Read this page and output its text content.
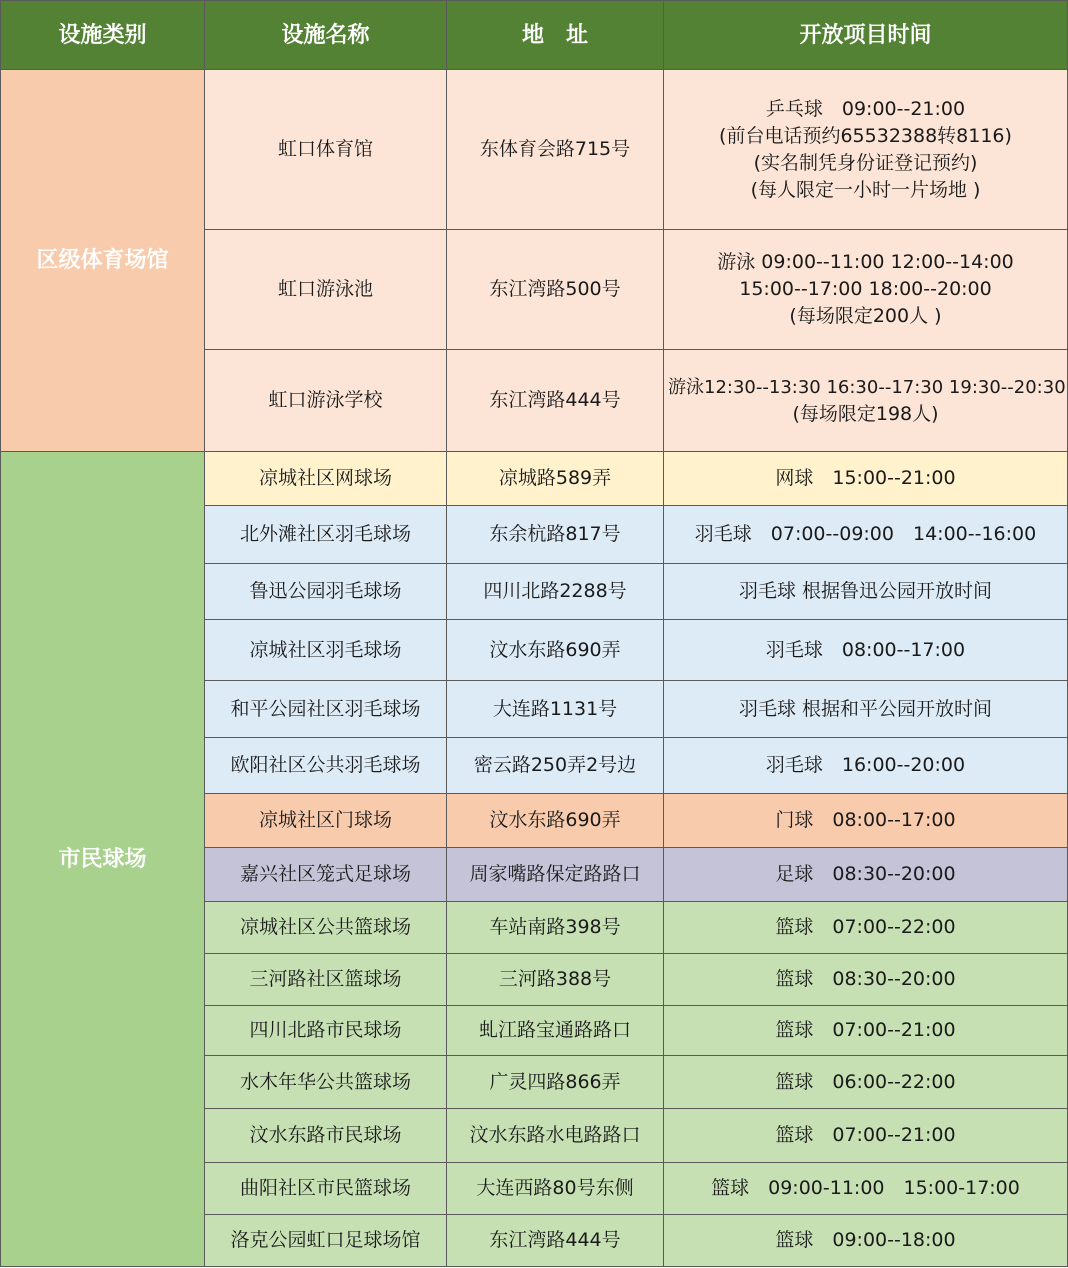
设施类别	设施名称	地　址	开放项目时间
区级体育场馆	虹口体育馆	东体育会路715号	乒乓球　09:00--21:00
(前台电话预约65532388转8116)
(实名制凭身份证登记预约)
(每人限定一小时一片场地 )

	虹口游泳池	东江湾路500号	游泳 09:00--11:00 12:00--14:00
15:00--17:00 18:00--20:00
(每场限定200人 )

	虹口游泳学校	东江湾路444号	游泳12:30--13:30 16:30--17:30 19:30--20:30
(每场限定198人)

市民球场	凉城社区网球场	凉城路589弄	网球　15:00--21:00
	北外滩社区羽毛球场	东余杭路817号	羽毛球　07:00--09:00　14:00--16:00
	鲁迅公园羽毛球场	四川北路2288号	羽毛球 根据鲁迅公园开放时间
	凉城社区羽毛球场	汶水东路690弄	羽毛球　08:00--17:00
	和平公园社区羽毛球场	大连路1131号	羽毛球 根据和平公园开放时间
	欧阳社区公共羽毛球场	密云路250弄2号边	羽毛球　16:00--20:00
	凉城社区门球场	汶水东路690弄	门球　08:00--17:00
	嘉兴社区笼式足球场	周家嘴路保定路路口	足球　08:30--20:00
	凉城社区公共篮球场	车站南路398号	篮球　07:00--22:00
	三河路社区篮球场	三河路388号	篮球　08:30--20:00
	四川北路市民球场	虬江路宝通路路口	篮球　07:00--21:00
	水木年华公共篮球场	广灵四路866弄	篮球　06:00--22:00
	汶水东路市民球场	汶水东路水电路路口	篮球　07:00--21:00
	曲阳社区市民篮球场	大连西路80号东侧	篮球　09:00-11:00　15:00-17:00
	洛克公园虹口足球场馆	东江湾路444号	篮球　09:00--18:00
